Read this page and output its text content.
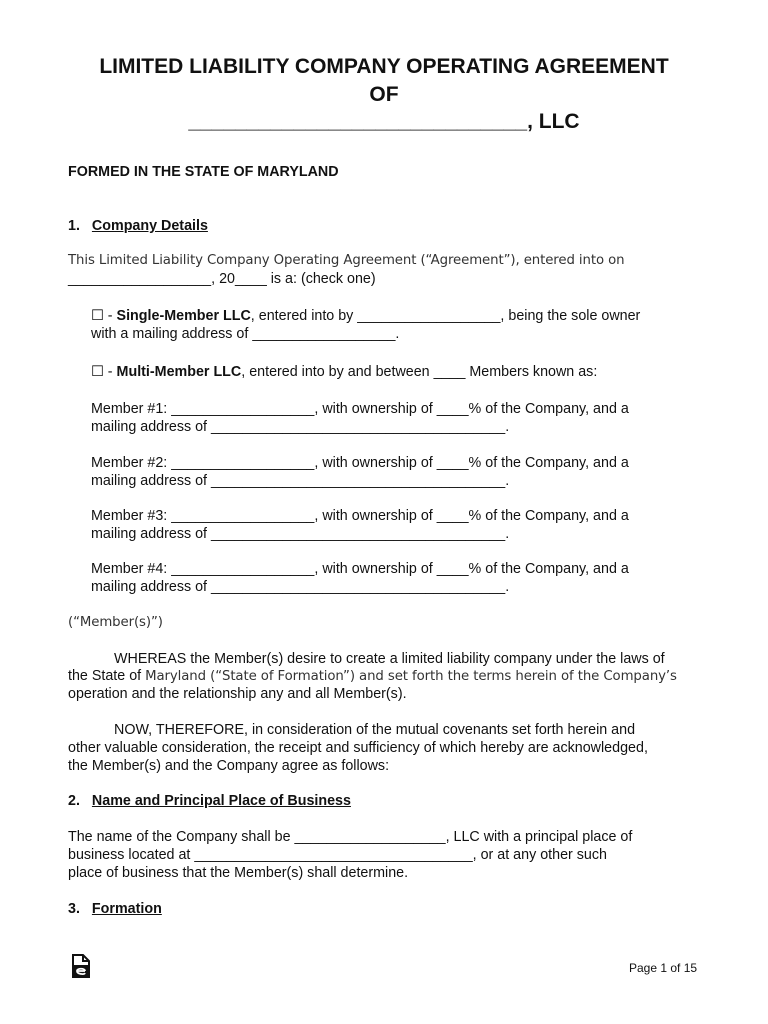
LIMITED LIABILITY COMPANY OPERATING AGREEMENT
OF
_____________________________, LLC
FORMED IN THE STATE OF MARYLAND
1. Company Details
This Limited Liability Company Operating Agreement (“Agreement”), entered into on
__________________, 20____ is a: (check one)
☐ - Single-Member LLC, entered into by __________________, being the sole owner
with a mailing address of __________________.
☐ - Multi-Member LLC, entered into by and between ____ Members known as:
Member #1: __________________, with ownership of ____% of the Company, and a
mailing address of _____________________________________.
Member #2: __________________, with ownership of ____% of the Company, and a
mailing address of _____________________________________.
Member #3: __________________, with ownership of ____% of the Company, and a
mailing address of _____________________________________.
Member #4: __________________, with ownership of ____% of the Company, and a
mailing address of _____________________________________.
(“Member(s)”)
WHEREAS the Member(s) desire to create a limited liability company under the laws of
the State of Maryland (“State of Formation”) and set forth the terms herein of the Company’s
operation and the relationship any and all Member(s).
NOW, THEREFORE, in consideration of the mutual covenants set forth herein and
other valuable consideration, the receipt and sufficiency of which hereby are acknowledged,
the Member(s) and the Company agree as follows:
2. Name and Principal Place of Business
The name of the Company shall be ___________________, LLC with a principal place of
business located at ___________________________________, or at any other such
place of business that the Member(s) shall determine.
3. Formation
Page 1 of 15
